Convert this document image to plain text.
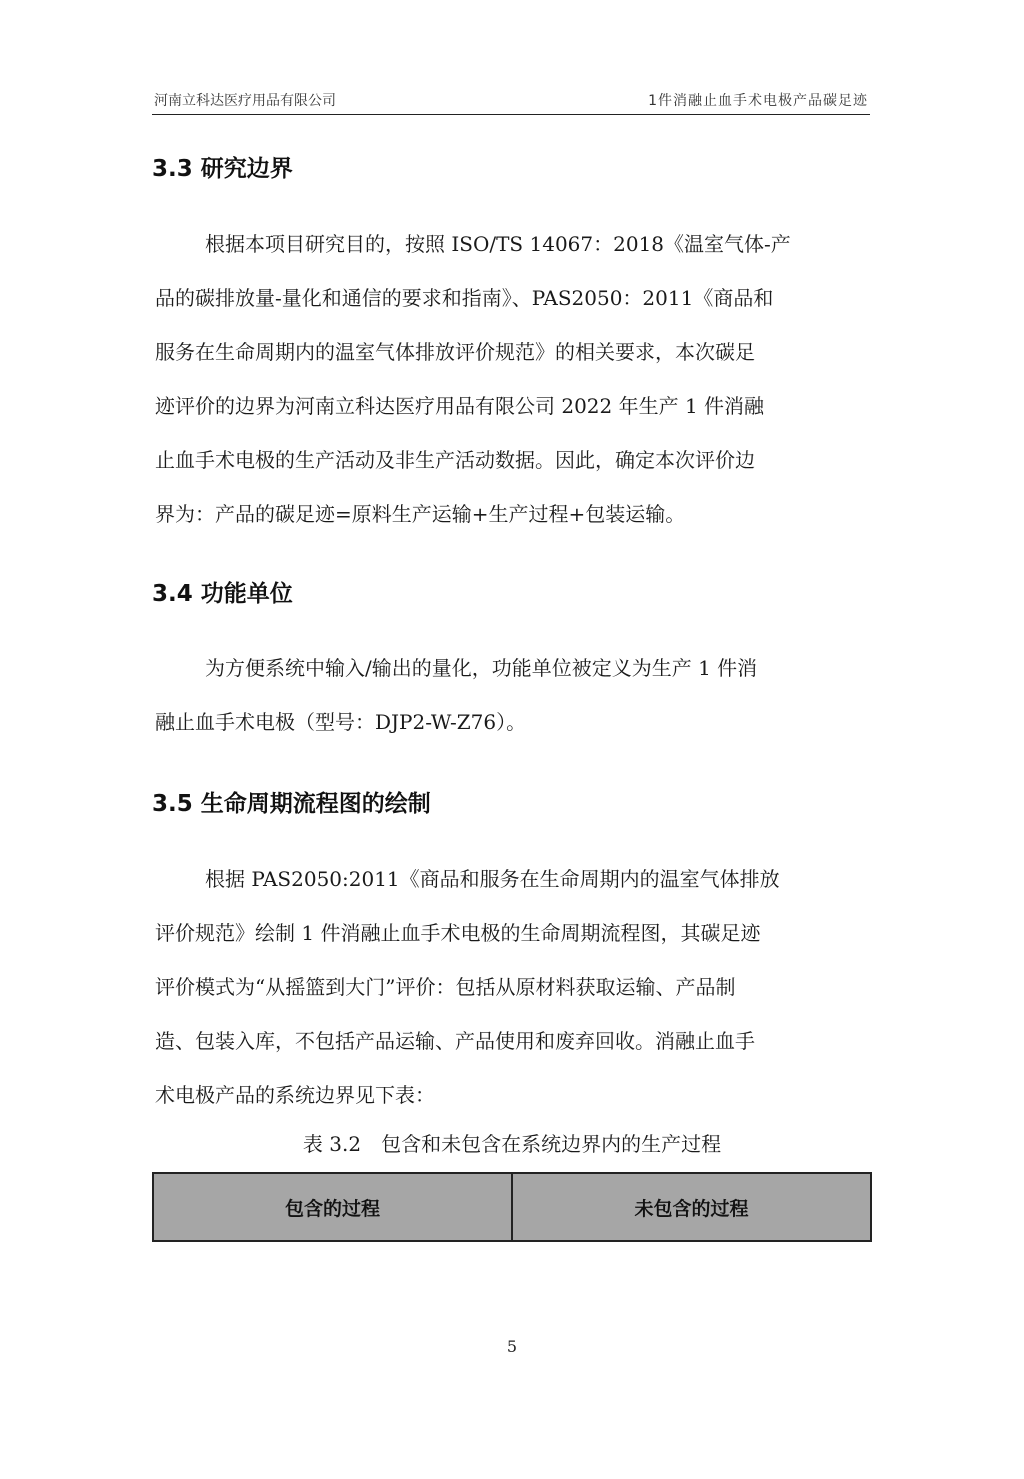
河南立科达医疗用品有限公司	1件消融止血手术电极产品碳足迹
3.3 研究边界
根据本项目研究目的，按照 ISO/TS 14067：2018《温室气体-产
品的碳排放量-量化和通信的要求和指南》、PAS2050：2011《商品和
服务在生命周期内的温室气体排放评价规范》的相关要求，本次碳足
迹评价的边界为河南立科达医疗用品有限公司 2022 年生产 1 件消融
止血手术电极的生产活动及非生产活动数据。因此，确定本次评价边
界为：产品的碳足迹=原料生产运输+生产过程+包装运输。
3.4 功能单位
为方便系统中输入/输出的量化，功能单位被定义为生产 1 件消
融止血手术电极（型号：DJP2-W-Z76）。
3.5 生命周期流程图的绘制
根据 PAS2050:2011《商品和服务在生命周期内的温室气体排放
评价规范》绘制 1 件消融止血手术电极的生命周期流程图，其碳足迹
评价模式为“从摇篮到大门”评价：包括从原材料获取运输、产品制
造、包装入库，不包括产品运输、产品使用和废弃回收。消融止血手
术电极产品的系统边界见下表：
表 3.2　包含和未包含在系统边界内的生产过程
包含的过程	未包含的过程
5
